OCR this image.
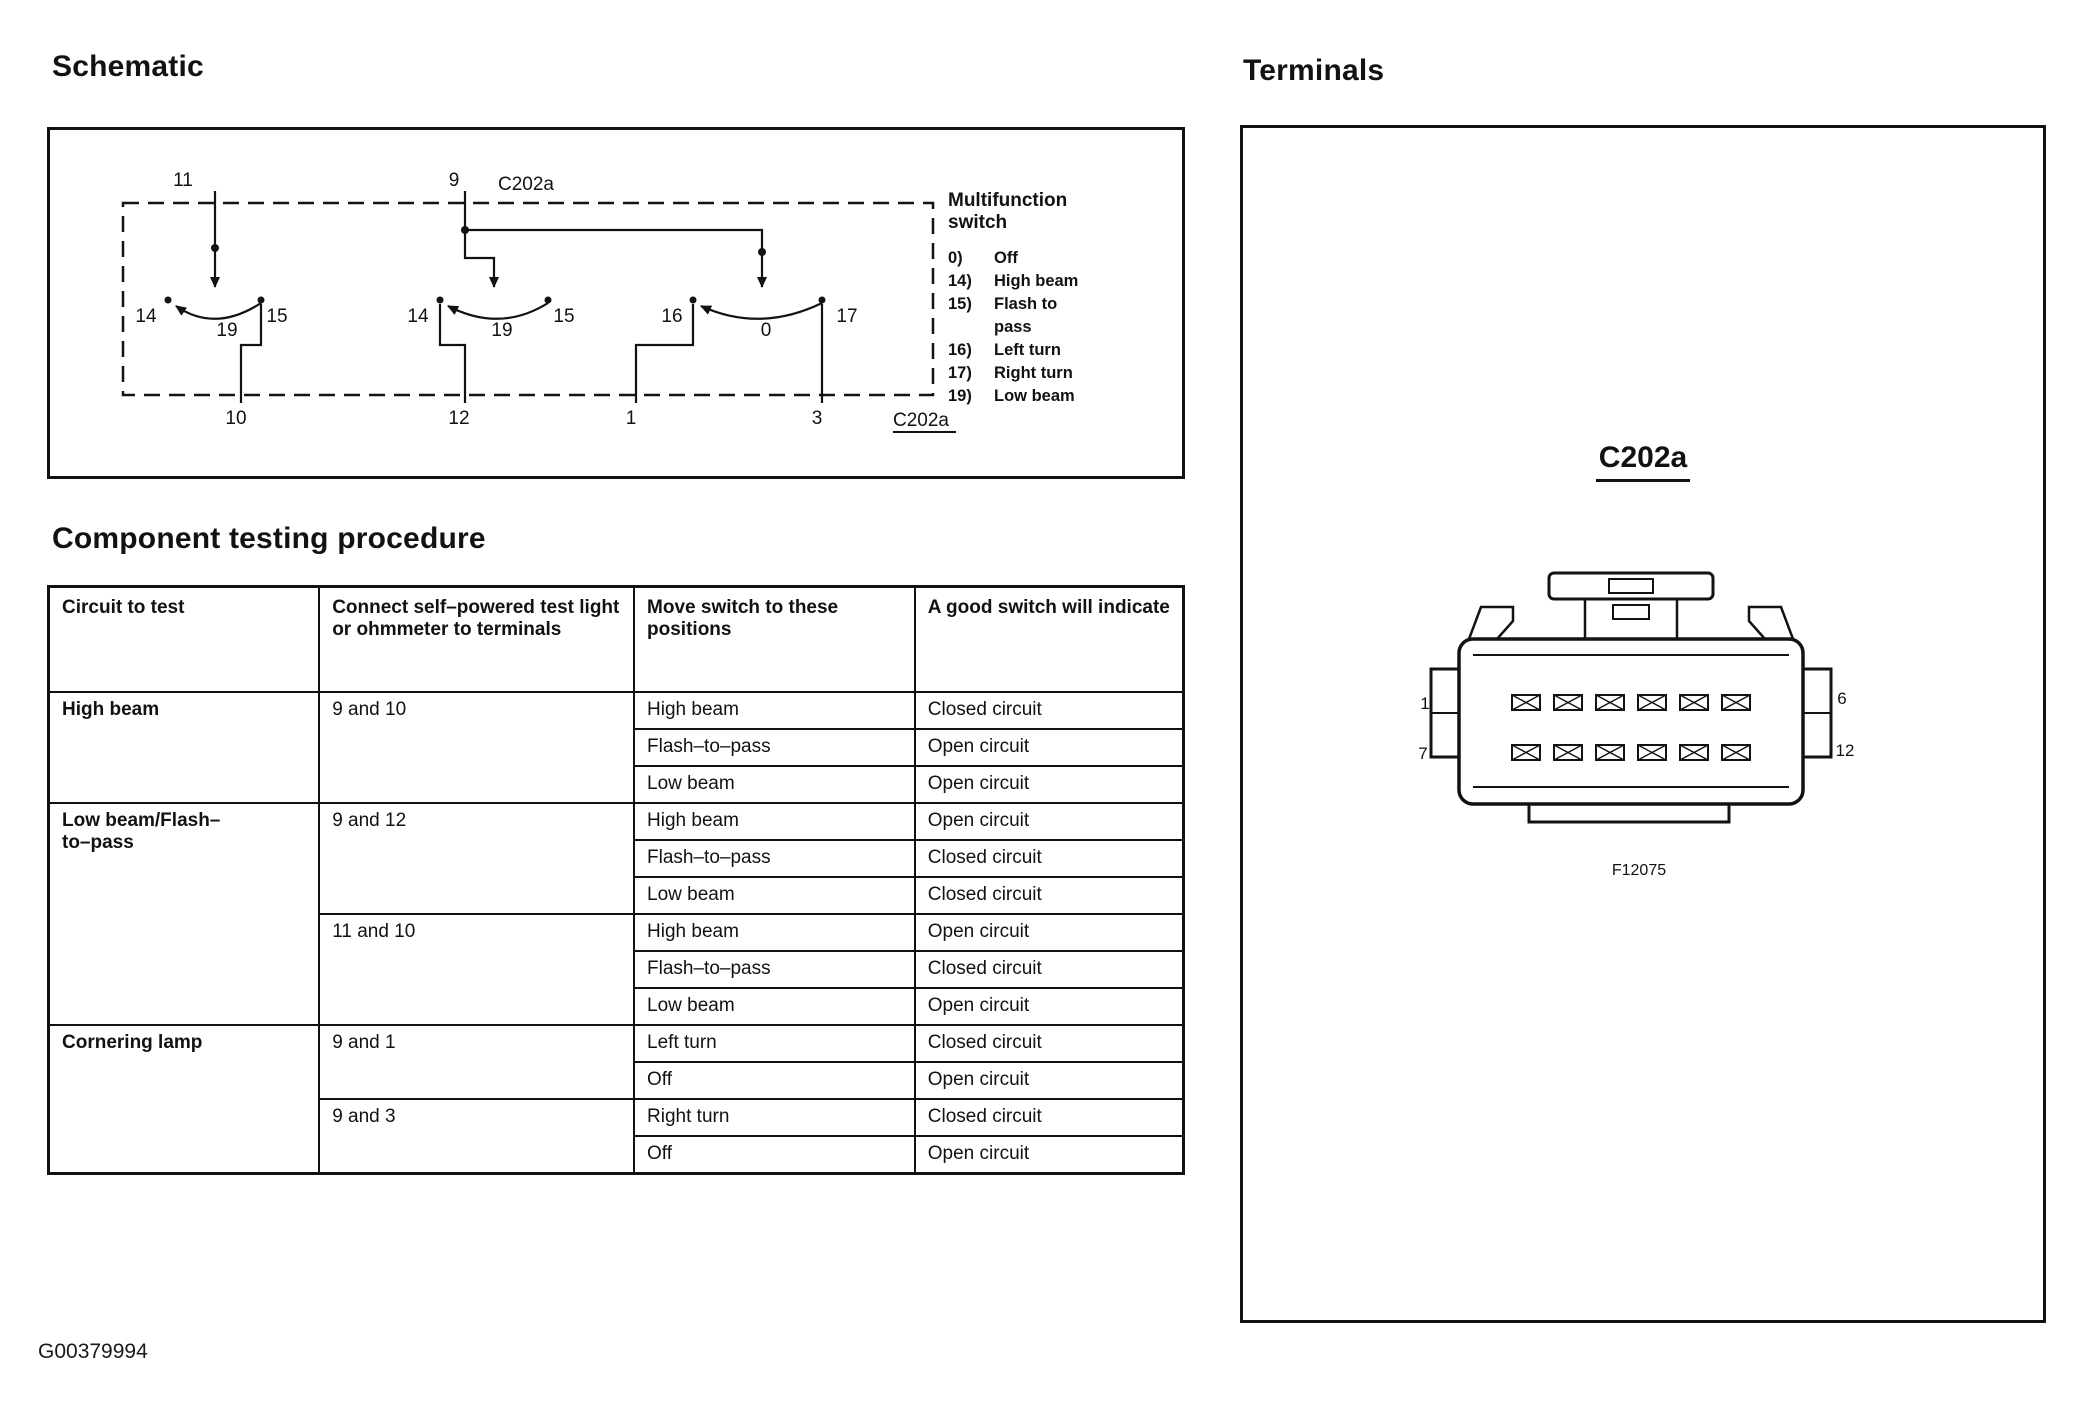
Schematic
11	9 C202a
14
19
15	14
19
15	16
0
17
10	12	1	3	C202a
Multifunction switch
0)	Off
14)	High beam
15)	Flash to pass
16)	Left turn
17)	Right turn
19)	Low beam
Component testing procedure
Circuit to test	Connect self–powered test light or ohmmeter to terminals	Move switch to these positions	A good switch will indicate
High beam	9 and 10	High beam	Closed circuit
		Flash–to–pass	Open circuit
		Low beam	Open circuit
Low beam/Flash–to–pass	9 and 12	High beam	Open circuit
		Flash–to–pass	Closed circuit
		Low beam	Closed circuit
	11 and 10	High beam	Open circuit
		Flash–to–pass	Closed circuit
		Low beam	Open circuit
Cornering lamp	9 and 1	Left turn	Closed circuit
		Off	Open circuit
	9 and 3	Right turn	Closed circuit
		Off	Open circuit
Terminals
C202a
1	6
7	12
F12075
G00379994
